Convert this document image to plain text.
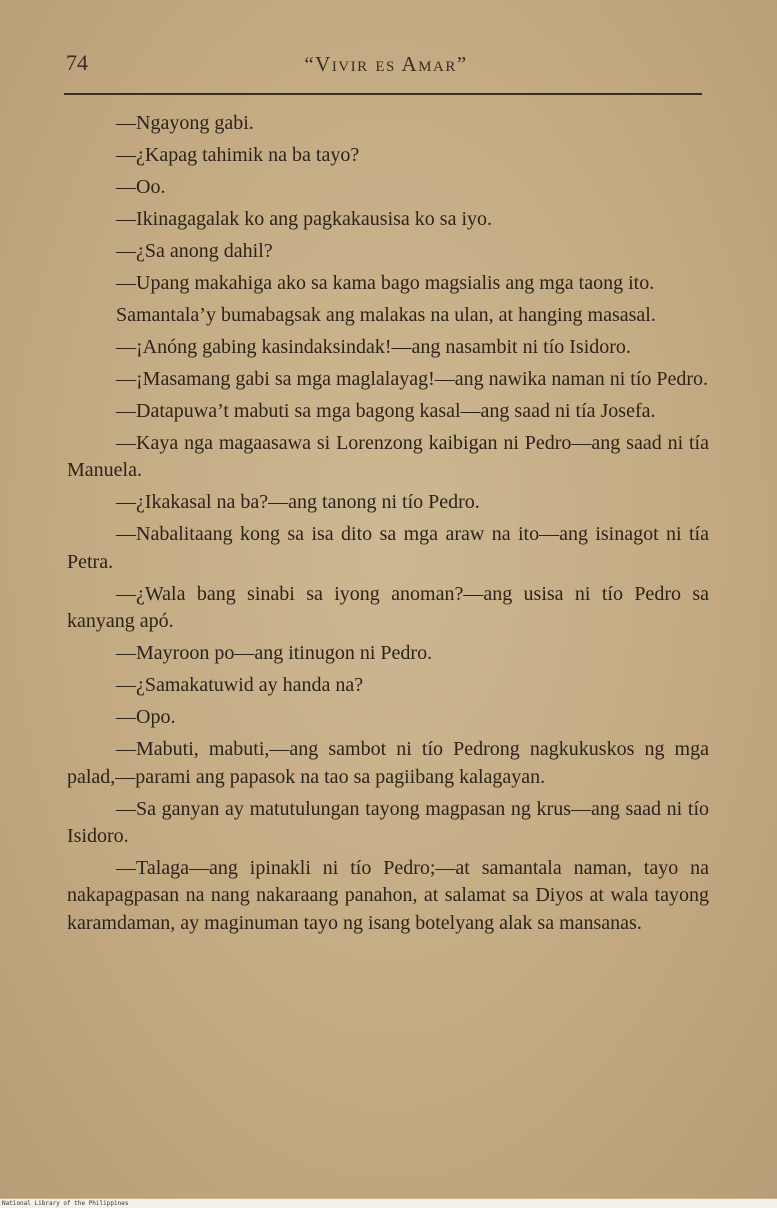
74	“Vivir es Amar”

—Ngayong gabi.

—¿Kapag tahimik na ba tayo?

—Oo.

—Ikinagagalak ko ang pagkakausisa ko sa iyo.

—¿Sa anong dahil?

—Upang makahiga ako sa kama bago magsialis ang mga taong ito.

Samantala’y bumabagsak ang malakas na ulan, at hanging masasal.

—¡Anóng gabing kasindaksindak!—ang nasambit ni tío Isidoro.

—¡Masamang gabi sa mga maglalayag!—ang nawika naman ni tío Pedro.

—Datapuwa’t mabuti sa mga bagong kasal—ang saad ni tía Josefa.

—Kaya nga magaasawa si Lorenzong kaibigan ni Pedro—ang saad ni tía Manuela.

—¿Ikakasal na ba?—ang tanong ni tío Pedro.

—Nabalitaang kong sa isa dito sa mga araw na ito—ang isinagot ni tía Petra.

—¿Wala bang sinabi sa iyong anoman?—ang usisa ni tío Pedro sa kanyang apó.

—Mayroon po—ang itinugon ni Pedro.

—¿Samakatuwid ay handa na?

—Opo.

—Mabuti, mabuti,—ang sambot ni tío Pedrong nagkukuskos ng mga palad,—parami ang papasok na tao sa pagiibang kalagayan.

—Sa ganyan ay matutulungan tayong magpasan ng krus—ang saad ni tío Isidoro.

—Talaga—ang ipinakli ni tío Pedro;—at samantala naman, tayo na nakapagpasan na nang nakaraang panahon, at salamat sa Diyos at wala tayong karamdaman, ay maginuman tayo ng isang botelyang alak sa mansanas.

National Library of the Philippines
